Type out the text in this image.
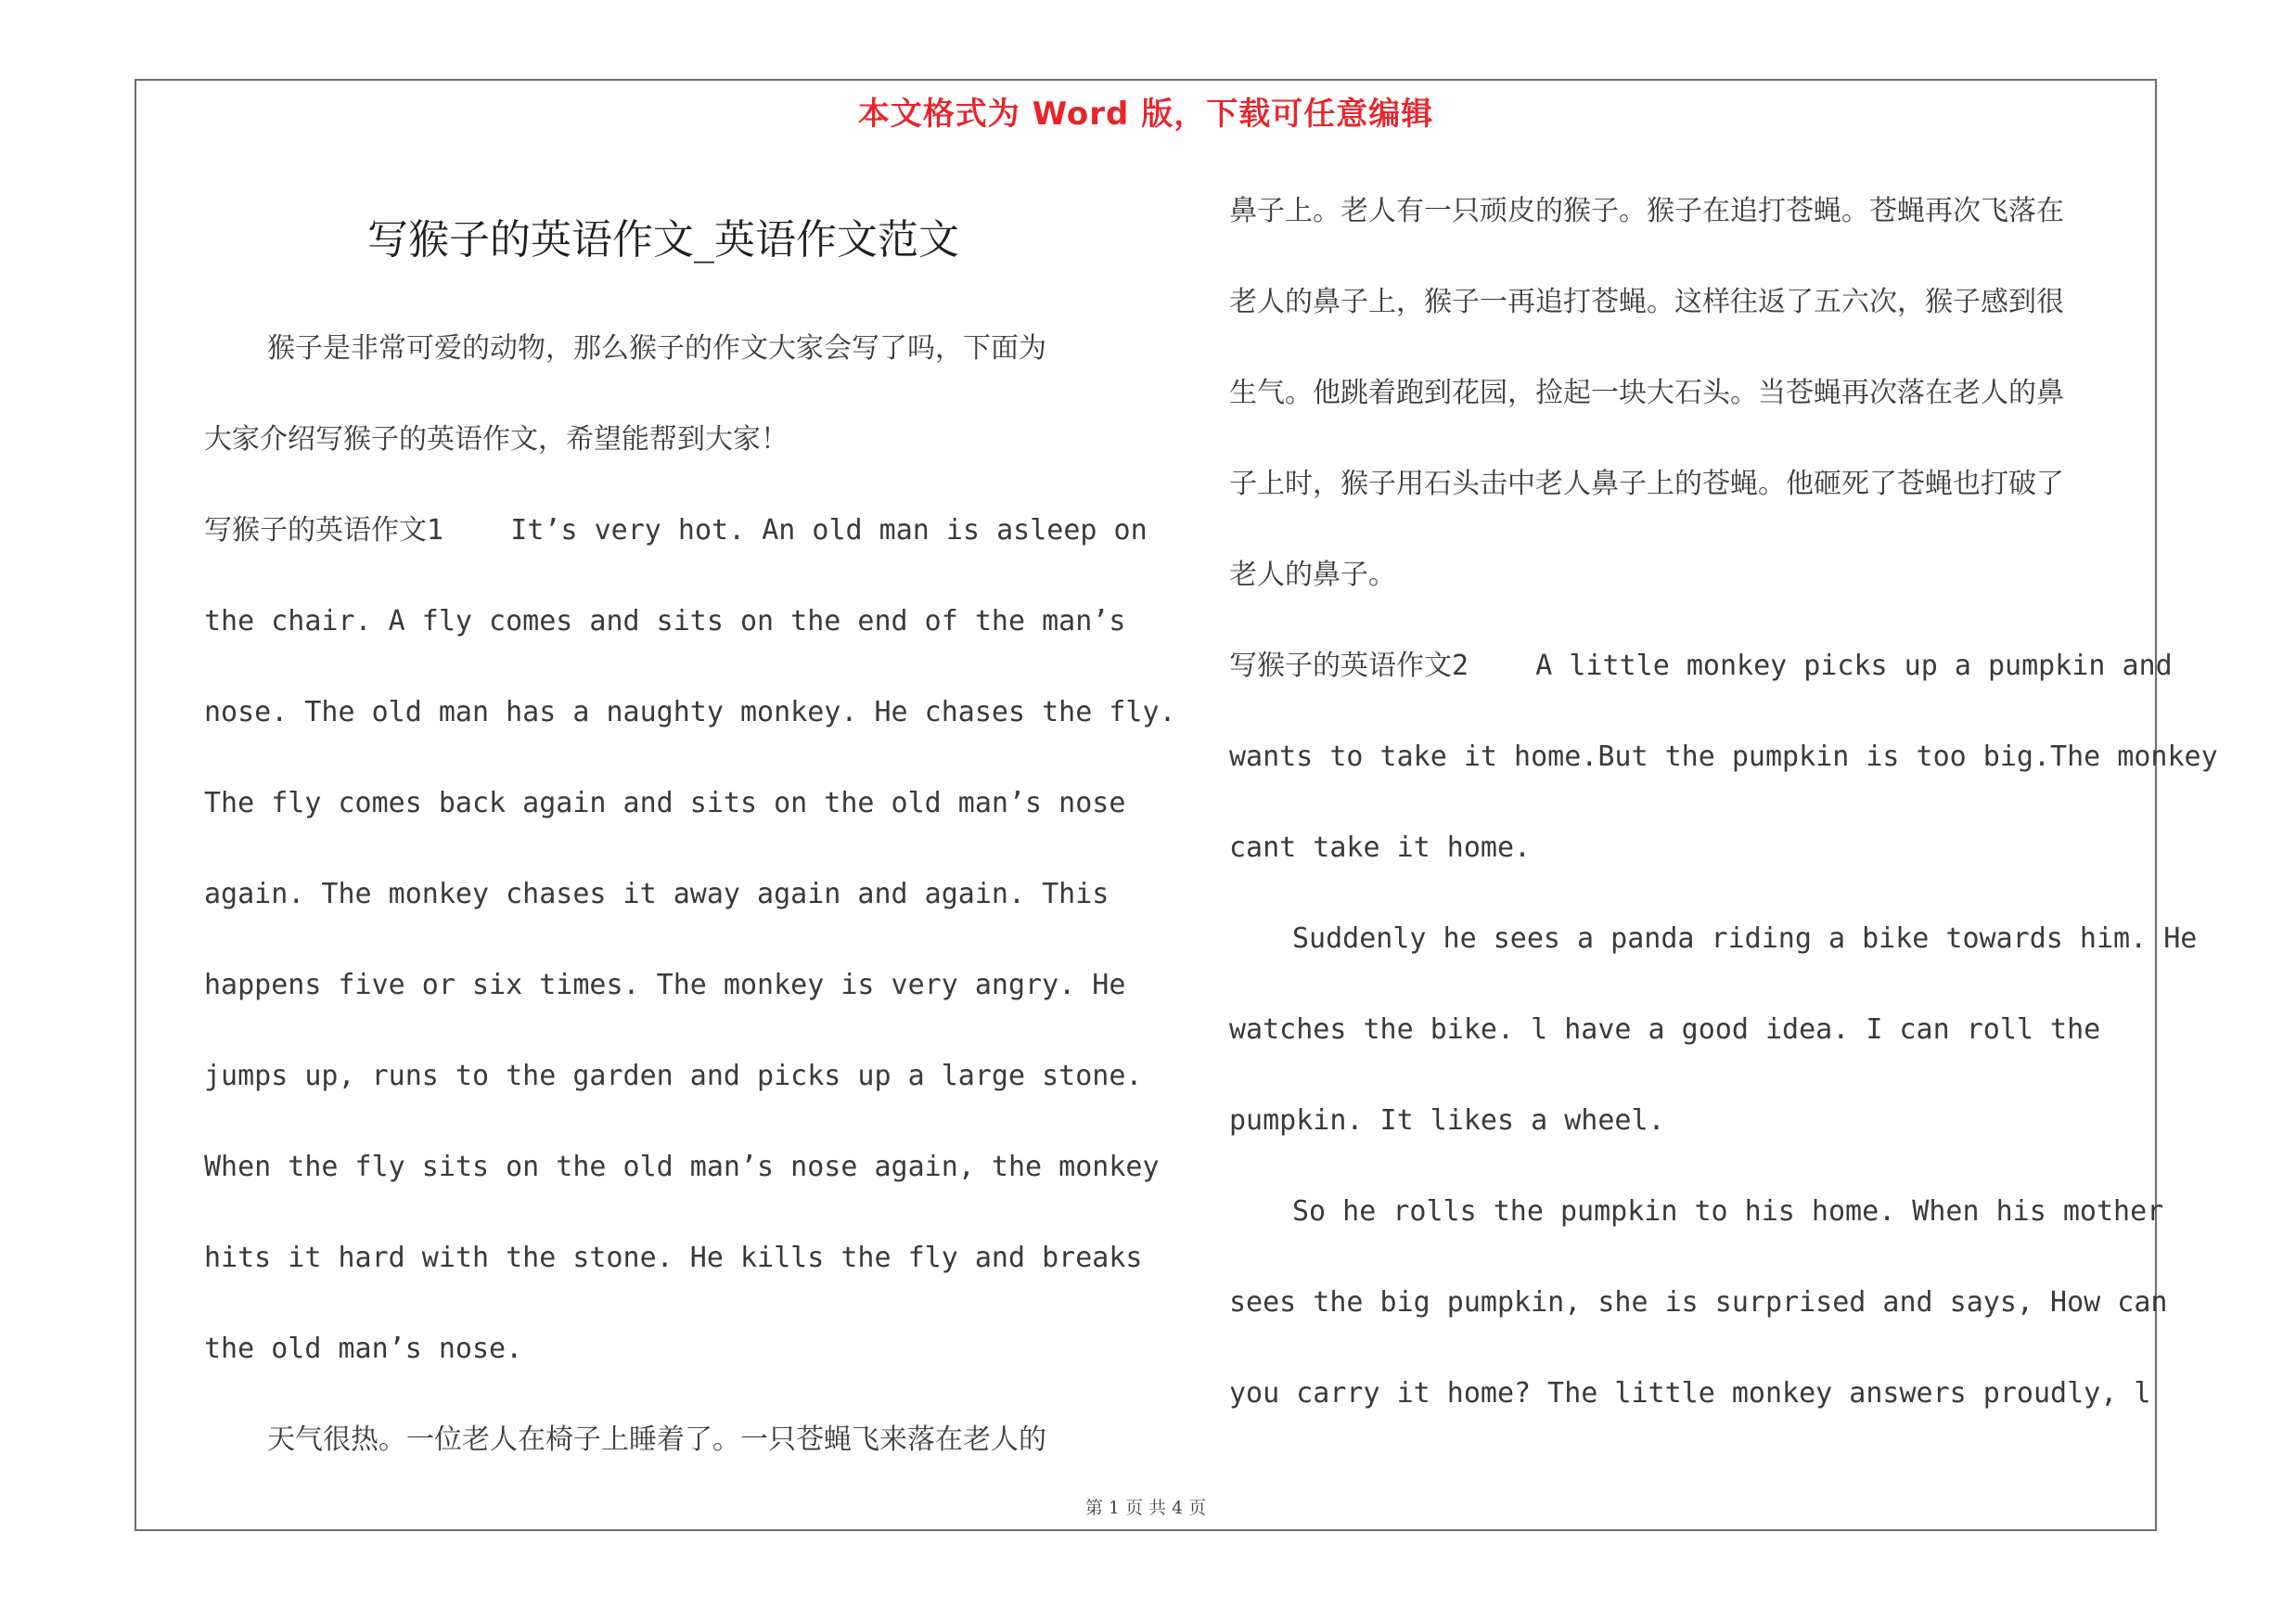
本文格式为 Word 版，下载可任意编辑
写猴子的英语作文_英语作文范文
猴子是非常可爱的动物，那么猴子的作文大家会写了吗，下面为
大家介绍写猴子的英语作文，希望能帮到大家！
写猴子的英语作文1    It’s very hot. An old man is asleep on
the chair. A fly comes and sits on the end of the man’s
nose. The old man has a naughty monkey. He chases the fly.
The fly comes back again and sits on the old man’s nose
again. The monkey chases it away again and again. This
happens five or six times. The monkey is very angry. He
jumps up, runs to the garden and picks up a large stone.
When the fly sits on the old man’s nose again, the monkey
hits it hard with the stone. He kills the fly and breaks
the old man’s nose.
天气很热。一位老人在椅子上睡着了。一只苍蝇飞来落在老人的
鼻子上。老人有一只顽皮的猴子。猴子在追打苍蝇。苍蝇再次飞落在
老人的鼻子上，猴子一再追打苍蝇。这样往返了五六次，猴子感到很
生气。他跳着跑到花园，捡起一块大石头。当苍蝇再次落在老人的鼻
子上时，猴子用石头击中老人鼻子上的苍蝇。他砸死了苍蝇也打破了
老人的鼻子。
写猴子的英语作文2    A little monkey picks up a pumpkin and
wants to take it home.But the pumpkin is too big.The monkey
cant take it home.
Suddenly he sees a panda riding a bike towards him. He
watches the bike. l have a good idea. I can roll the
pumpkin. It likes a wheel.
So he rolls the pumpkin to his home. When his mother
sees the big pumpkin, she is surprised and says, How can
you carry it home? The little monkey answers proudly, l
第 1 页 共 4 页
